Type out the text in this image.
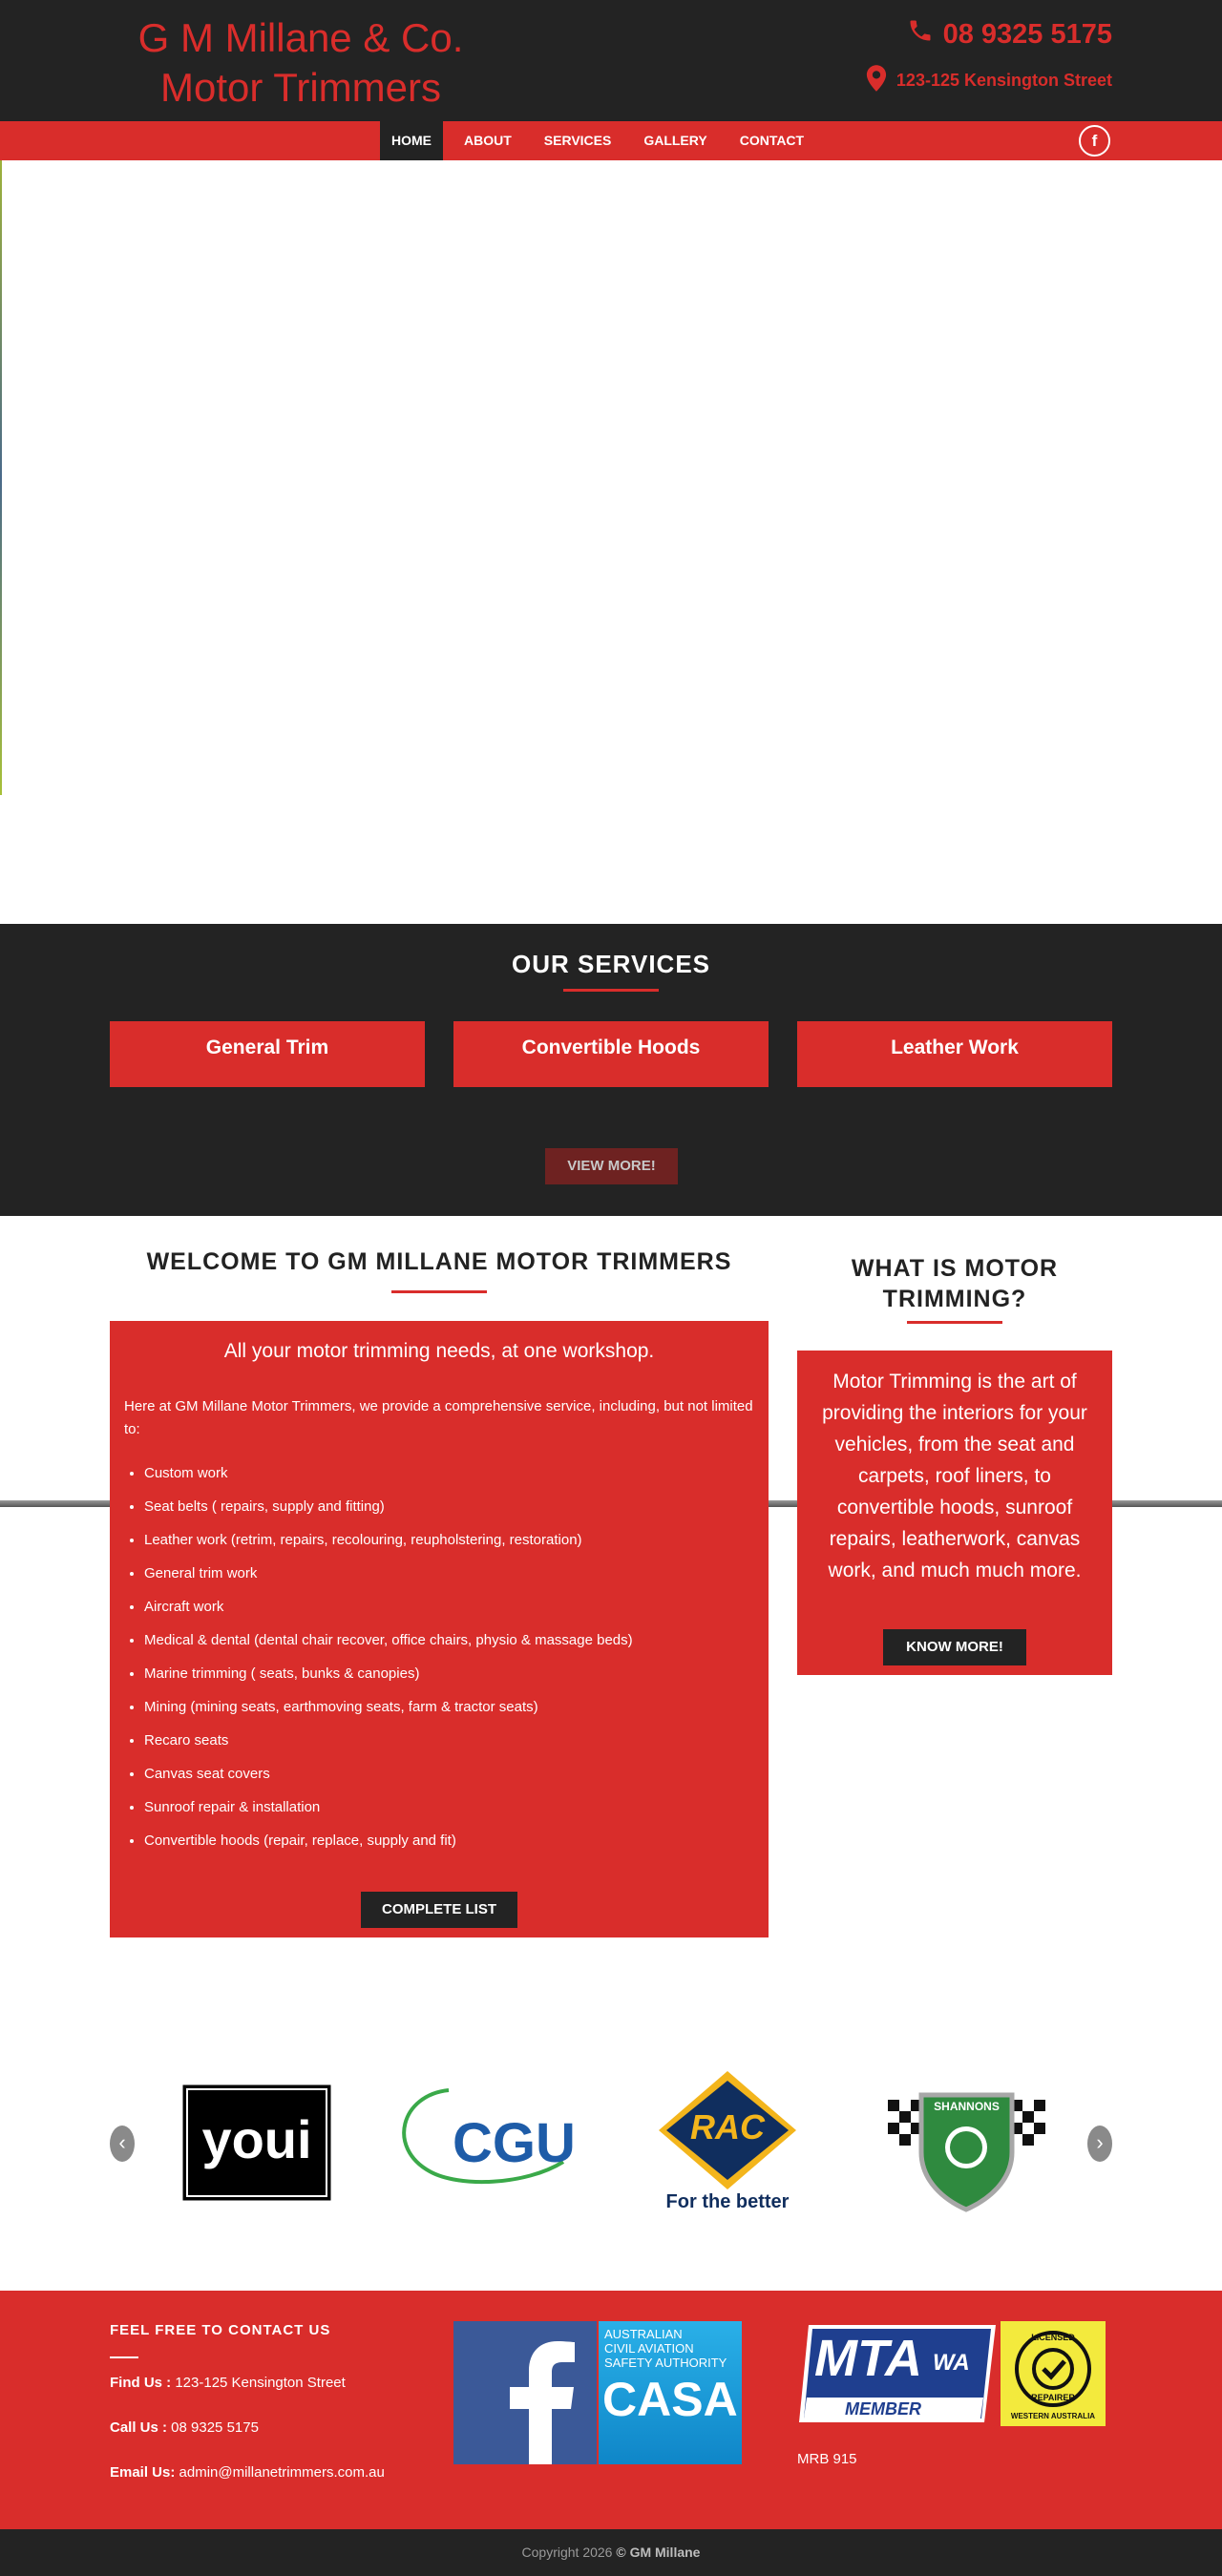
G M Millane & Co.
Motor Trimmers
08 9325 5175
123-125 Kensington Street
HOME	ABOUT	SERVICES	GALLERY	CONTACT	f
OUR SERVICES
General Trim	Convertible Hoods	Leather Work
VIEW MORE!
WELCOME TO GM MILLANE MOTOR TRIMMERS
All your motor trimming needs, at one workshop.
Here at GM Millane Motor Trimmers, we provide a comprehensive service, including, but not limited to:
• Custom work
• Seat belts ( repairs, supply and fitting)
• Leather work (retrim, repairs, recolouring, reupholstering, restoration)
• General trim work
• Aircraft work
• Medical & dental (dental chair recover, office chairs, physio & massage beds)
• Marine trimming ( seats, bunks & canopies)
• Mining (mining seats, earthmoving seats, farm & tractor seats)
• Recaro seats
• Canvas seat covers
• Sunroof repair & installation
• Convertible hoods (repair, replace, supply and fit)
COMPLETE LIST
WHAT IS MOTOR TRIMMING?
Motor Trimming is the art of providing the interiors for your vehicles, from the seat and carpets, roof liners, to convertible hoods, sunroof repairs, leatherwork, canvas work, and much much more.
KNOW MORE!
‹	›
youi	CGU	RAC
For the better
SHANNONS
FEEL FREE TO CONTACT US
Find Us : 123-125 Kensington Street
Call Us : 08 9325 5175
Email Us: admin@millanetrimmers.com.au
AUSTRALIAN
CIVIL AVIATION
SAFETY AUTHORITY
CASA
MTA WA
MEMBER
LICENSED
REPAIRER
WESTERN AUSTRALIA
MRB 915
Copyright 2026 © GM Millane
